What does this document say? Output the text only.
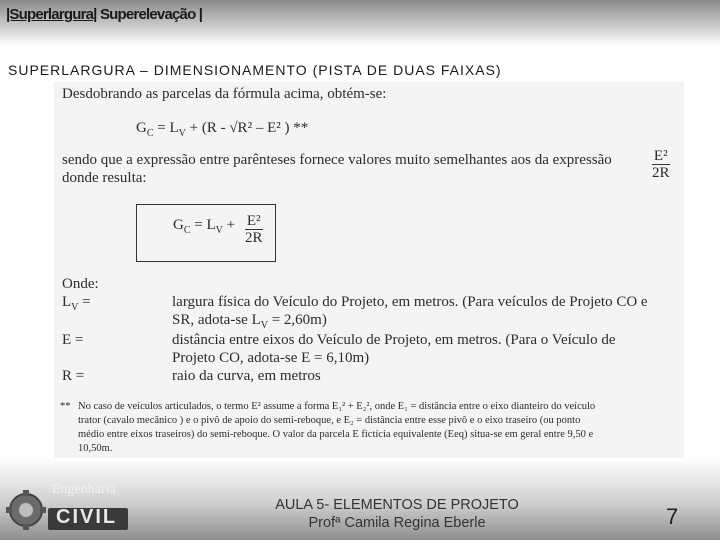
|Superlargura| Superelevação |
SUPERLARGURA – DIMENSIONAMENTO (PISTA DE DUAS FAIXAS)
Desdobrando as parcelas da fórmula acima, obtém-se:
$G_C = L_V + (R - √R^2 - E^2$ ) **
sendo que a expressão entre parênteses fornece valores muito semelhantes aos da expressão	E²
2R
donde resulta:
$G_C = L_V + E^2$
2R
Onde:
$L_V$ =	largura física do Veículo do Projeto, em metros. (Para veículos de Projeto CO e
SR, adota-se $L_V = 2,60m$)
E =	distância entre eixos do Veículo de Projeto, em metros. (Para o Veículo de
Projeto CO, adota-se E = 6,10m)
R =	raio da curva, em metros
** No caso de veículos articulados, o termo E² assume a forma E₁² + E₂², onde E₁ = distância entre o eixo dianteiro do veículo
trator (cavalo mecânico ) e o pivô de apoio do semi-reboque, e E₂ = distância entre esse pivô e o eixo traseiro (ou ponto
médio entre eixos traseiros) do semi-reboque. O valor da parcela E fictícia equivalente (Eeq) situa-se em geral entre 9,50 e
10,50m.
Engenharia
CIVIL
AULA 5- ELEMENTOS DE PROJETO
Profª Camila Regina Eberle	7
